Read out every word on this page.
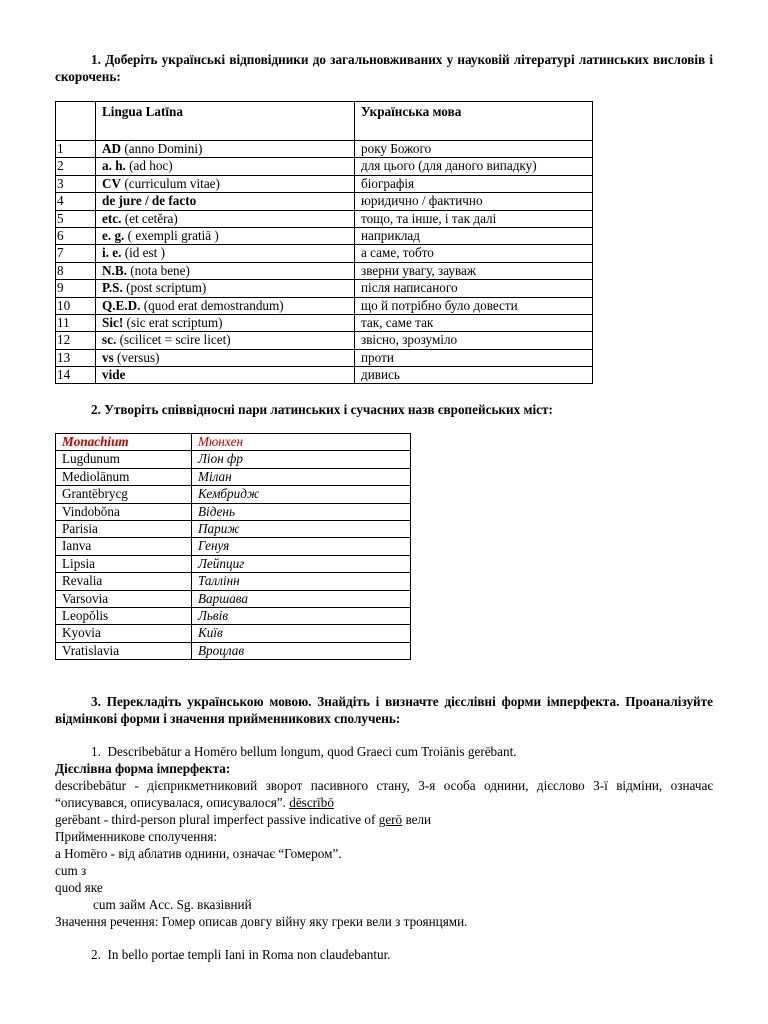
1. Доберіть українські відповідники до загальновживаних у науковій літературі латинських висловів і скорочень:

	Lingua Latīna	Українська мова
1	AD (anno Domini)	року Божого
2	a. h. (ad hoc)	для цього (для даного випадку)
3	CV (curriculum vitae)	біографія
4	de jure / de facto	юридично / фактично
5	etc. (et cetĕra)	тощо, та інше, і так далі
6	e. g. ( exempli gratiā )	наприклад
7	i. e. (id est )	а саме, тобто
8	N.B. (nota bene)	зверни увагу, зауваж
9	P.S. (post scriptum)	після написаного
10	Q.E.D. (quod erat demostrandum)	що й потрібно було довести
11	Sic! (sic erat scriptum)	так, саме так
12	sc. (scilicet = scire licet)	звісно, зрозуміло
13	vs (versus)	проти
14	vide	дивись

2. Утворіть співвідносні пари латинських і сучасних назв європейських міст:

Monachium	Мюнхен
Lugdunum	Ліон фр
Mediolānum	Мілан
Grantēbrycg	Кембридж
Vindobŏna	Відень
Parisia	Париж
Ianva	Генуя
Lipsia	Лейпциг
Revalia	Таллінн
Varsovia	Варшава
Leopŏlis	Львів
Kyovia	Київ
Vratislavia	Вроцлав

3. Перекладіть українською мовою. Знайдіть і визначте дієслівні форми імперфекта. Проаналізуйте відмінкові форми і значення прийменникових сполучень:

1.  Describebātur a Homēro bellum longum, quod Graeci cum Troiānis gerēbant.
Дієслівна форма імперфекта:
describebātur - дієприкметниковий зворот пасивного стану, 3-я особа однини, дієслово 3-ї відміни, означає “описувався, описувалася, описувалося”. dēscrībō
gerēbant - third-person plural imperfect passive indicative of gerō вели
Прийменникове сполучення:
a Homēro - від аблатив однини, означає “Гомером”.
cum з
quod яке
cum займ Acc. Sg. вказівний
Значення речення: Гомер описав довгу війну яку греки вели з троянцями.
2.  In bello portae templi Iani in Roma non claudebantur.
